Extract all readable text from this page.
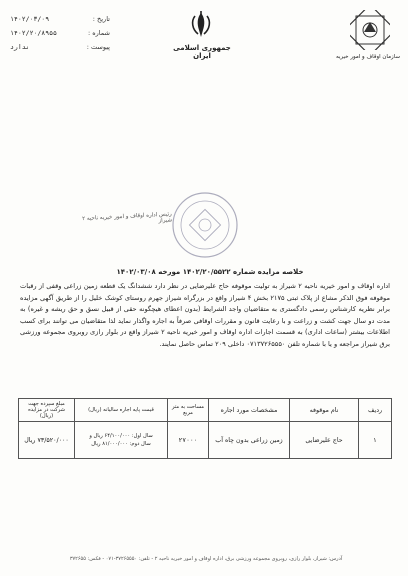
تاریخ :
۱۴۰۲/۰۳/۰۹
شماره :
۱۴۰۲/۲۰/۸۹۵۵
پیوست :
ندارد	جمهوری اسلامی ایران	سازمان اوقاف و امور خیریه
رئیس اداره اوقاف و امور خیریه ناحیه ۲ شیراز
خلاصه مزایده شماره ۱۴۰۲/۲۰/۵۵۲۲ مورخه ۱۴۰۲/۰۳/۰۸
اداره اوقاف و امور خیریه ناحیه ۲ شیراز به تولیت موقوفه حاج علیرضایی در نظر دارد ششدانگ یک قطعه زمین زراعی وقفی از رقبات موقوفه فوق الذکر مشاع از پلاک ثبتی ۲۱۷۵ بخش ۴ شیراز واقع در بزرگراه شیراز جهرم روستای کوشک خلیل را از طریق آگهی مزایده برابر نظریه کارشناس رسمی دادگستری به متقاضیان واجد الشرایط (بدون اعطای هیچگونه حقی از قبیل نسق و حق ریشه و غیره) به مدت دو سال جهت کشت و زراعت و با رعایت قانون و مقررات اوقافی صرفاً به اجاره واگذار نماید لذا متقاضیان می توانند برای کسب اطلاعات بیشتر (ساعات اداری) به قسمت اجارات اداره اوقاف و امور خیریه ناحیه ۲ شیراز واقع در بلوار رازی روبروی مجموعه ورزشی برق شیراز مراجعه و یا با شماره تلفن ۰۷۱۳۷۲۶۵۵۵۰ داخلی ۲۰۹ تماس حاصل نمایند.
ردیف	نام موقوفه	مشخصات مورد اجاره	مساحت به متر مربع	قیمت پایه اجاره سالیانه (ریال)	مبلغ سپرده جهت شرکت در مزایده (ریال)
۱	حاج علیرضایی	زمین زراعی بدون چاه آب	۲۷۰۰۰	سال اول: ۶۴/۱۰۰/۰۰۰ ریال و
سال دوم: ۸۱/۰۰۰/۰۰۰ ریال	۷۳/۵۲۰/۰۰۰ ریال
آدرس: شیراز، بلوار رازی، روبروی مجموعه ورزشی برق، اداره اوقاف و امور خیریه ناحیه ۲ - تلفن: ۳۷۲۶۵۵۵۰-۰۷۱ - فکس: ۳۷۲۶۵۵
